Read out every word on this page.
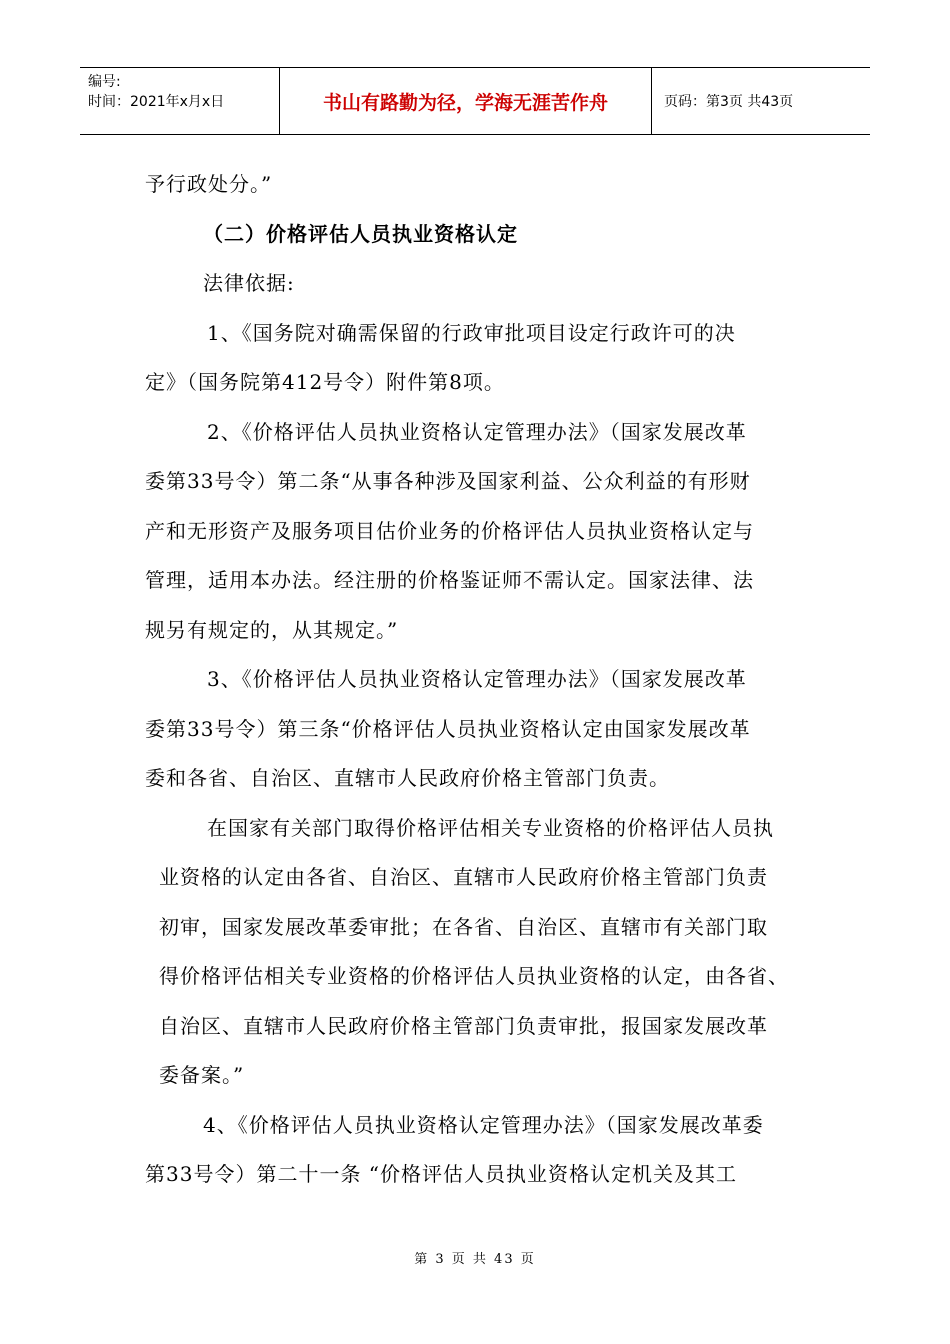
编号:
时间：2021年x月x日	书山有路勤为径，学海无涯苦作舟	页码：第3页 共43页

予行政处分。”

（二）价格评估人员执业资格认定

法律依据:

1、《国务院对确需保留的行政审批项目设定行政许可的决

定》（国务院第412号令）附件第8项。

2、《价格评估人员执业资格认定管理办法》（国家发展改革

委第33号令）第二条“从事各种涉及国家利益、公众利益的有形财

产和无形资产及服务项目估价业务的价格评估人员执业资格认定与

管理，适用本办法。经注册的价格鉴证师不需认定。国家法律、法

规另有规定的，从其规定。”

3、《价格评估人员执业资格认定管理办法》（国家发展改革

委第33号令）第三条“价格评估人员执业资格认定由国家发展改革

委和各省、自治区、直辖市人民政府价格主管部门负责。

在国家有关部门取得价格评估相关专业资格的价格评估人员执

业资格的认定由各省、自治区、直辖市人民政府价格主管部门负责

初审，国家发展改革委审批；在各省、自治区、直辖市有关部门取

得价格评估相关专业资格的价格评估人员执业资格的认定，由各省、

自治区、直辖市人民政府价格主管部门负责审批，报国家发展改革

委备案。”

4、《价格评估人员执业资格认定管理办法》（国家发展改革委

第33号令）第二十一条 “价格评估人员执业资格认定机关及其工

第 3 页 共 43 页
